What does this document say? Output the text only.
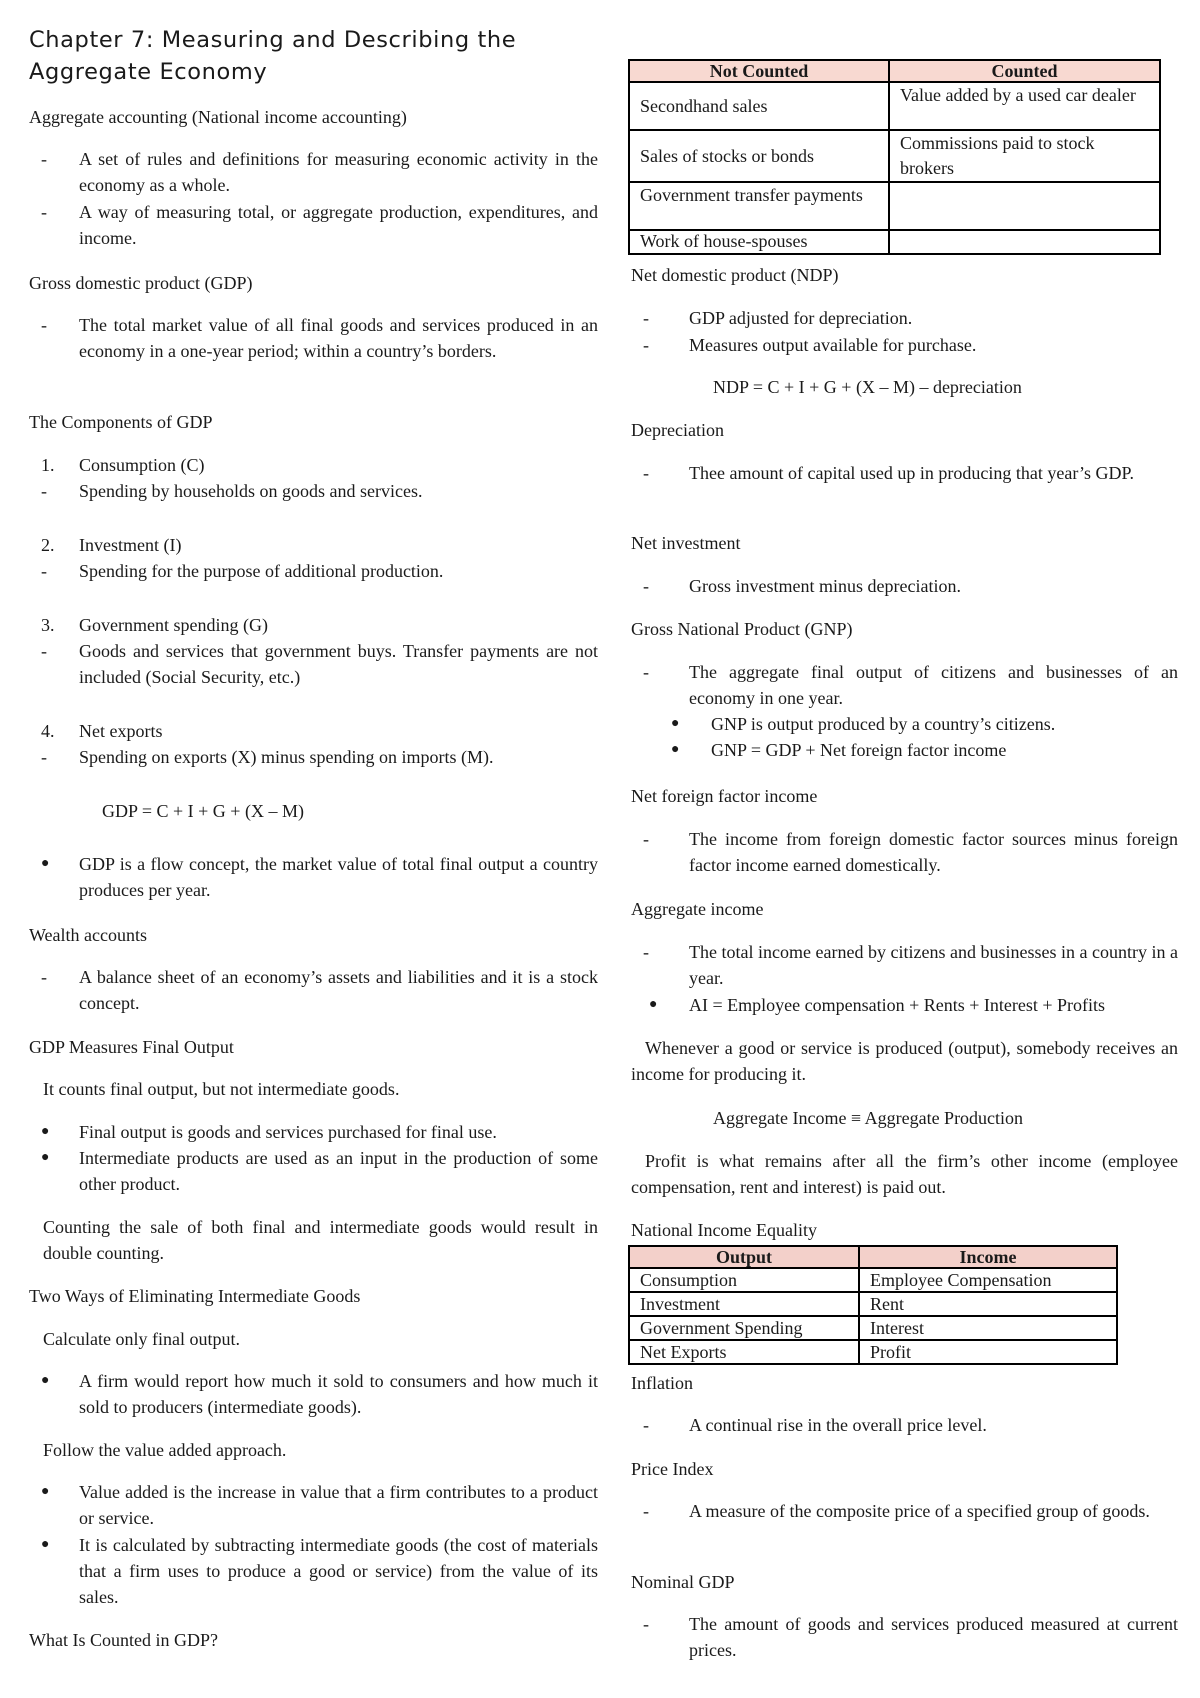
Chapter 7: Measuring and Describing the Aggregate Economy

Aggregate accounting (National income accounting)

-	A set of rules and definitions for measuring economic activity in the economy as a whole.
-	A way of measuring total, or aggregate production, expenditures, and income.

Gross domestic product (GDP)

-	The total market value of all final goods and services produced in an economy in a one-year period; within a country’s borders.

The Components of GDP

1.	Consumption (C)
-	Spending by households on goods and services.
2.	Investment (I)
-	Spending for the purpose of additional production.
3.	Government spending (G)
-	Goods and services that government buys. Transfer payments are not included (Social Security, etc.)
4.	Net exports
-	Spending on exports (X) minus spending on imports (M).

GDP = C + I + G + (X – M)

● GDP is a flow concept, the market value of total final output a country produces per year.

Wealth accounts

-	A balance sheet of an economy’s assets and liabilities and it is a stock concept.

GDP Measures Final Output

It counts final output, but not intermediate goods.

● Final output is goods and services purchased for final use.
● Intermediate products are used as an input in the production of some other product.

Counting the sale of both final and intermediate goods would result in double counting.

Two Ways of Eliminating Intermediate Goods

Calculate only final output.

● A firm would report how much it sold to consumers and how much it sold to producers (intermediate goods).

Follow the value added approach.

● Value added is the increase in value that a firm contributes to a product or service.
● It is calculated by subtracting intermediate goods (the cost of materials that a firm uses to produce a good or service) from the value of its sales.

What Is Counted in GDP?

Not Counted	Counted
Secondhand sales	Value added by a used car dealer
Sales of stocks or bonds	Commissions paid to stock brokers
Government transfer payments	
Work of house-spouses	

Net domestic product (NDP)

-	GDP adjusted for depreciation.
-	Measures output available for purchase.

NDP = C + I + G + (X – M) – depreciation

Depreciation

-	Thee amount of capital used up in producing that year’s GDP.

Net investment

-	Gross investment minus depreciation.

Gross National Product (GNP)

-	The aggregate final output of citizens and businesses of an economy in one year.
● GNP is output produced by a country’s citizens.
● GNP = GDP + Net foreign factor income

Net foreign factor income

-	The income from foreign domestic factor sources minus foreign factor income earned domestically.

Aggregate income

-	The total income earned by citizens and businesses in a country in a year.
● AI = Employee compensation + Rents + Interest + Profits

Whenever a good or service is produced (output), somebody receives an income for producing it.

Aggregate Income ≡ Aggregate Production

Profit is what remains after all the firm’s other income (employee compensation, rent and interest) is paid out.

National Income Equality

Output	Income
Consumption	Employee Compensation
Investment	Rent
Government Spending	Interest
Net Exports	Profit

Inflation

-	A continual rise in the overall price level.

Price Index

-	A measure of the composite price of a specified group of goods.

Nominal GDP

-	The amount of goods and services produced measured at current prices.
